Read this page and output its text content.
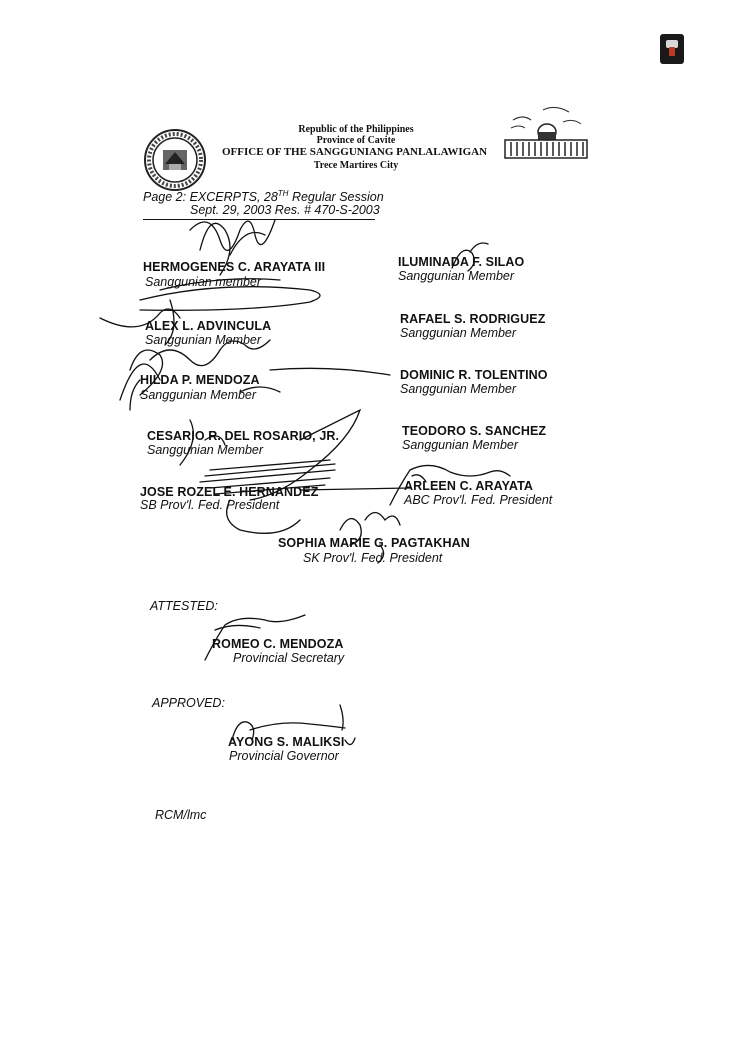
Republic of the Philippines
Province of Cavite
OFFICE OF THE SANGGUNIANG PANLALAWIGAN
Trece Martires City
Page 2: EXCERPTS, 28TH Regular Session
Sept. 29, 2003 Res. # 470-S-2003
HERMOGENES C. ARAYATA III
Sanggunian member
ALEX L. ADVINCULA
Sanggunian Member
HILDA P. MENDOZA
Sanggunian Member
CESARIO R. DEL ROSARIO, JR.
Sanggunian Member
JOSE ROZEL E. HERNANDEZ
SB Prov'l. Fed. President
ILUMINADA F. SILAO
Sanggunian Member
RAFAEL S. RODRIGUEZ
Sanggunian Member
DOMINIC R. TOLENTINO
Sanggunian Member
TEODORO S. SANCHEZ
Sanggunian Member
ARLEEN C. ARAYATA
ABC Prov'l. Fed. President
SOPHIA MARIE G. PAGTAKHAN
SK Prov'l. Fed. President
ATTESTED:
ROMEO C. MENDOZA
Provincial Secretary
APPROVED:
AYONG S. MALIKSI
Provincial Governor
RCM/lmc
